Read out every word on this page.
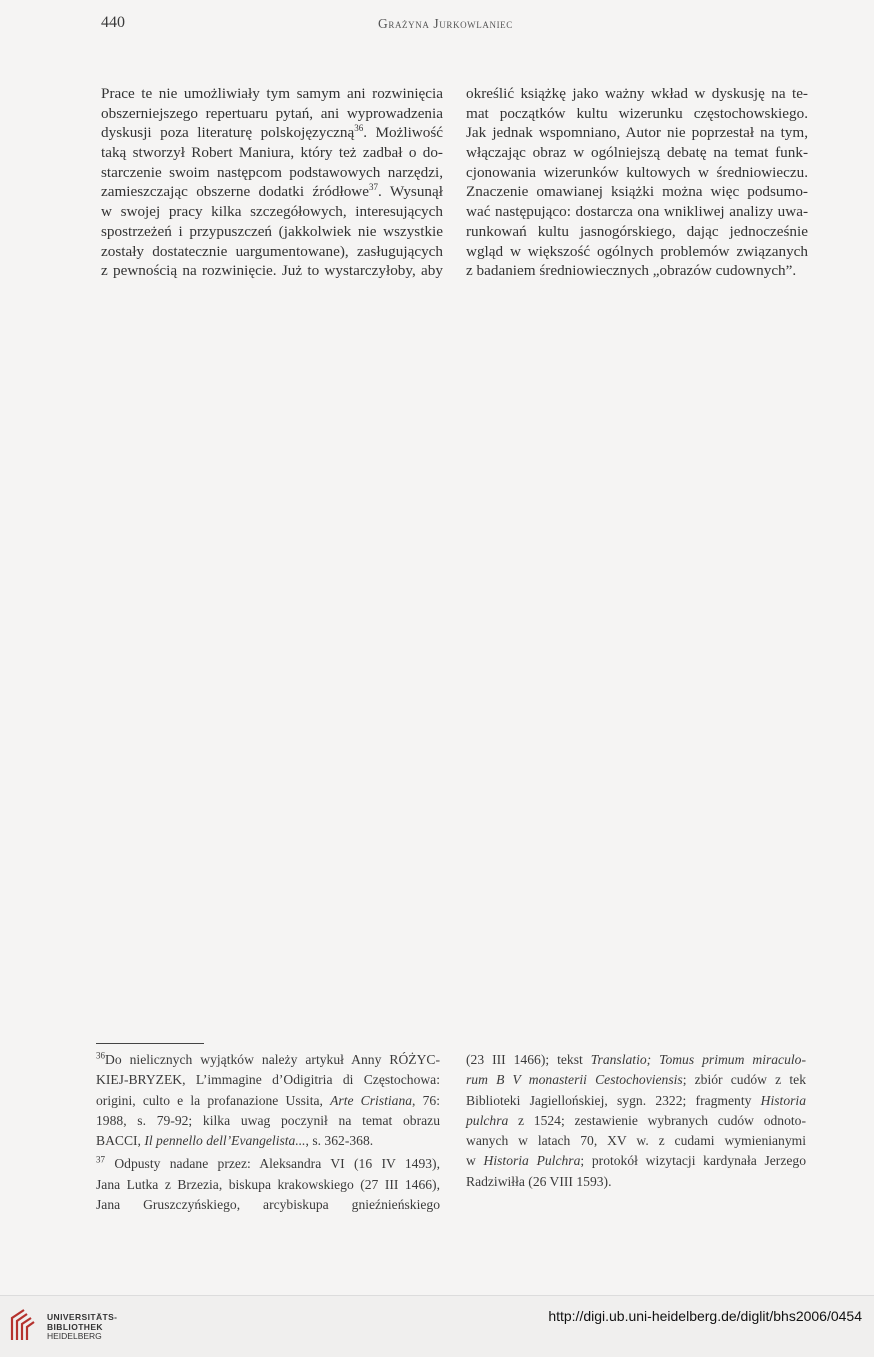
440	Grażyna Jurkowlaniec
Prace te nie umożliwiały tym samym ani rozwinięcia
obszerniejszego repertuaru pytań, ani wyprowadzenia
dyskusji poza literaturę polskojęzyczną$^{36}$. Możliwość
taką stworzył Robert Maniura, który też zadbał o do-
starczenie swoim następcom podstawowych narzędzi,
zamieszczając obszerne dodatki źródłowe$^{37}$. Wysunął
w swojej pracy kilka szczegółowych, interesujących
spostrzeżeń i przypuszczeń (jakkolwiek nie wszystkie
zostały dostatecznie uargumentowane), zasługujących
z pewnością na rozwinięcie. Już to wystarczyłoby, aby
określić książkę jako ważny wkład w dyskusję na te-
mat początków kultu wizerunku częstochowskiego.
Jak jednak wspomniano, Autor nie poprzestał na tym,
włączając obraz w ogólniejszą debatę na temat funk-
cjonowania wizerunków kultowych w średniowieczu.
Znaczenie omawianej książki można więc podsumo-
wać następująco: dostarcza ona wnikliwej analizy uwa-
runkowań kultu jasnogórskiego, dając jednocześnie
wgląd w większość ogólnych problemów związanych
z badaniem średniowiecznych „obrazów cudownych”.
$^{36}$Do nielicznych wyjątków należy artykuł Anny RÓŻYC-
KIEJ-BRYZEK, L’immagine d’Odigitria di Częstochowa:
origini, culto e la profanazione Ussita, Arte Cristiana, 76:
1988, s. 79-92; kilka uwag poczynił na temat obrazu
BACCI, Il pennello dell’Evangelista..., s. 362-368.
$^{37}$ Odpusty nadane przez: Aleksandra VI (16 IV 1493),
Jana Lutka z Brzezia, biskupa krakowskiego (27 III 1466),
Jana Gruszczyńskiego, arcybiskupa gnieźnieńskiego
(23 III 1466); tekst Translatio; Tomus primum miraculo-
rum B V monasterii Cestochoviensis; zbiór cudów z tek
Biblioteki Jagiellońskiej, sygn. 2322; fragmenty Historia
pulchra z 1524; zestawienie wybranych cudów odnoto-
wanych w latach 70, XV w. z cudami wymienianymi
w Historia Pulchra; protokół wizytacji kardynała Jerzego
Radziwiłła (26 VIII 1593).
UNIVERSITÄTS-
BIBLIOTHEK
HEIDELBERG
http://digi.ub.uni-heidelberg.de/diglit/bhs2006/0454
